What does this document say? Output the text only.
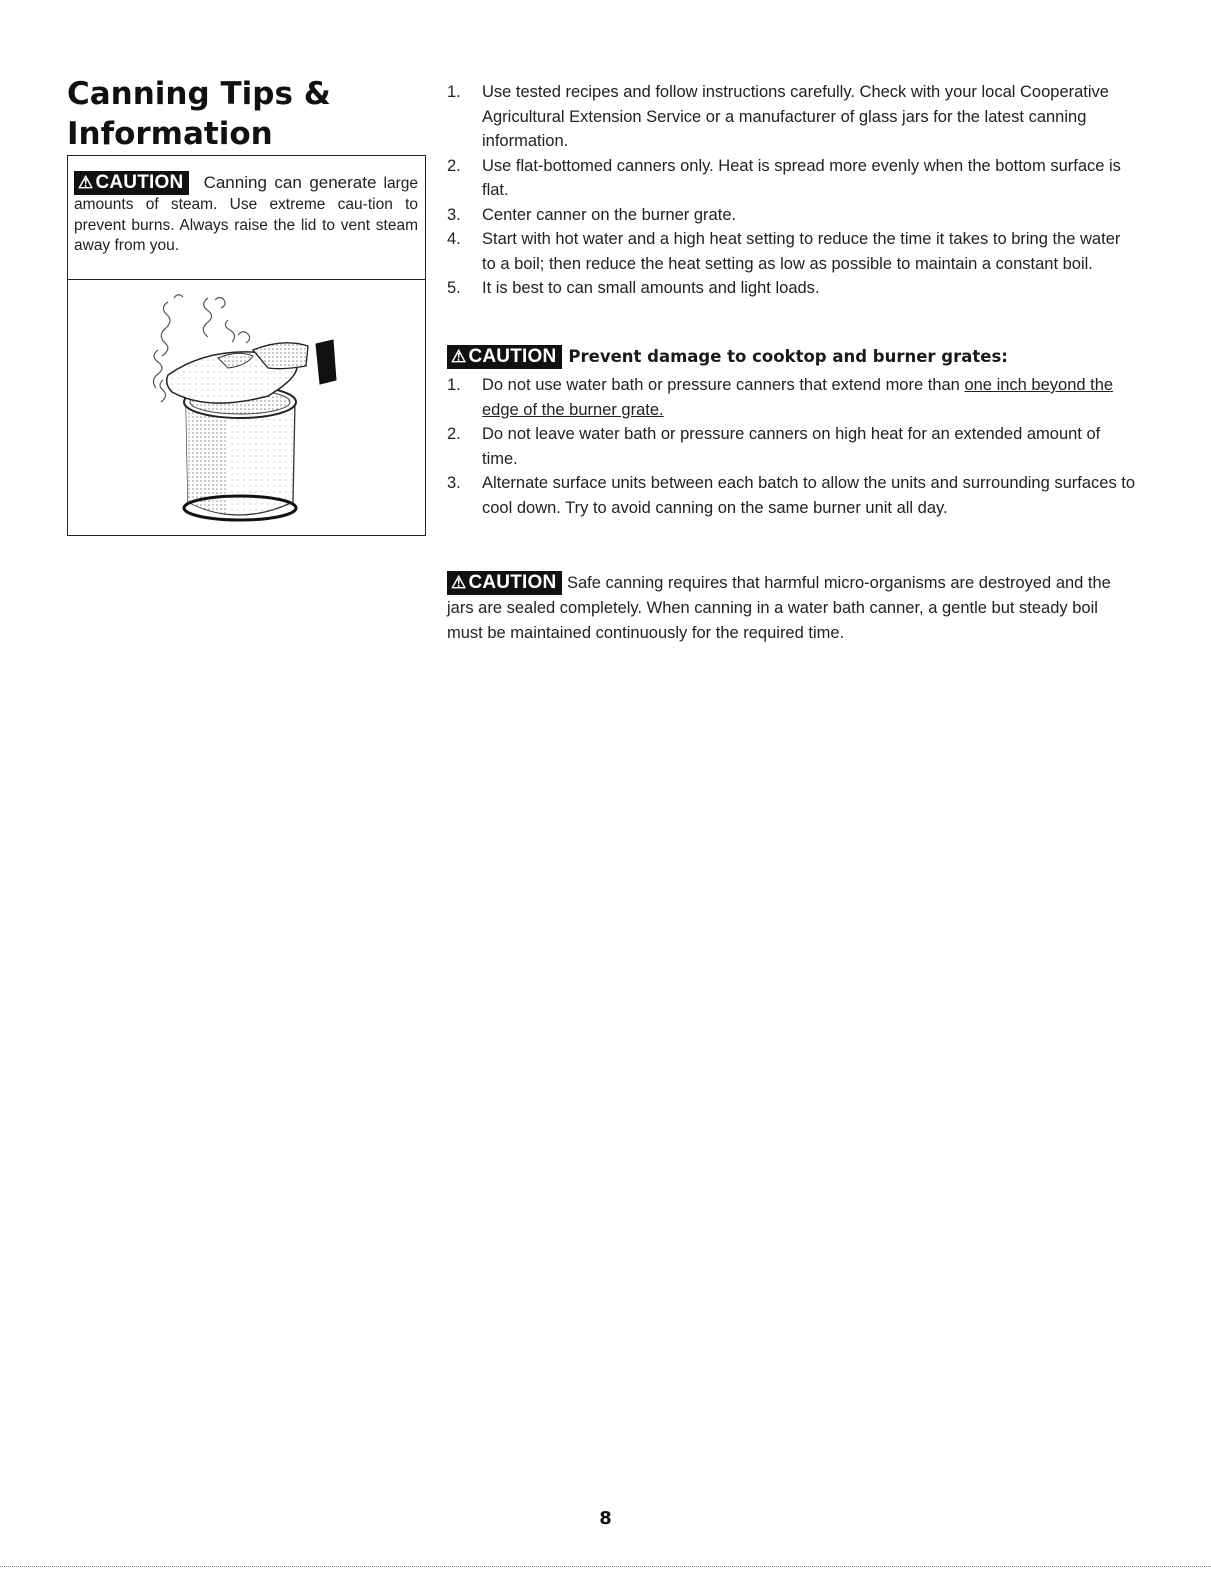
Canning Tips & Information

⚠ CAUTION Canning can generate large amounts of steam. Use extreme cau-tion to prevent burns. Always raise the lid to vent steam away from you.

1. Use tested recipes and follow instructions carefully. Check with your local Cooperative Agricultural Extension Service or a manufacturer of glass jars for the latest canning information.
2. Use flat-bottomed canners only. Heat is spread more evenly when the bottom surface is flat.
3. Center canner on the burner grate.
4. Start with hot water and a high heat setting to reduce the time it takes to bring the water to a boil; then reduce the heat setting as low as possible to maintain a constant boil.
5. It is best to can small amounts and light loads.
⚠ CAUTION Prevent damage to cooktop and burner grates:
1. Do not use water bath or pressure canners that extend more than one inch beyond the edge of the burner grate.
2. Do not leave water bath or pressure canners on high heat for an extended amount of time.
3. Alternate surface units between each batch to allow the units and surrounding surfaces to cool down. Try to avoid canning on the same burner unit all day.

⚠ CAUTION Safe canning requires that harmful micro-organisms are destroyed and the jars are sealed completely. When canning in a water bath canner, a gentle but steady boil must be maintained continuously for the required time.

8
